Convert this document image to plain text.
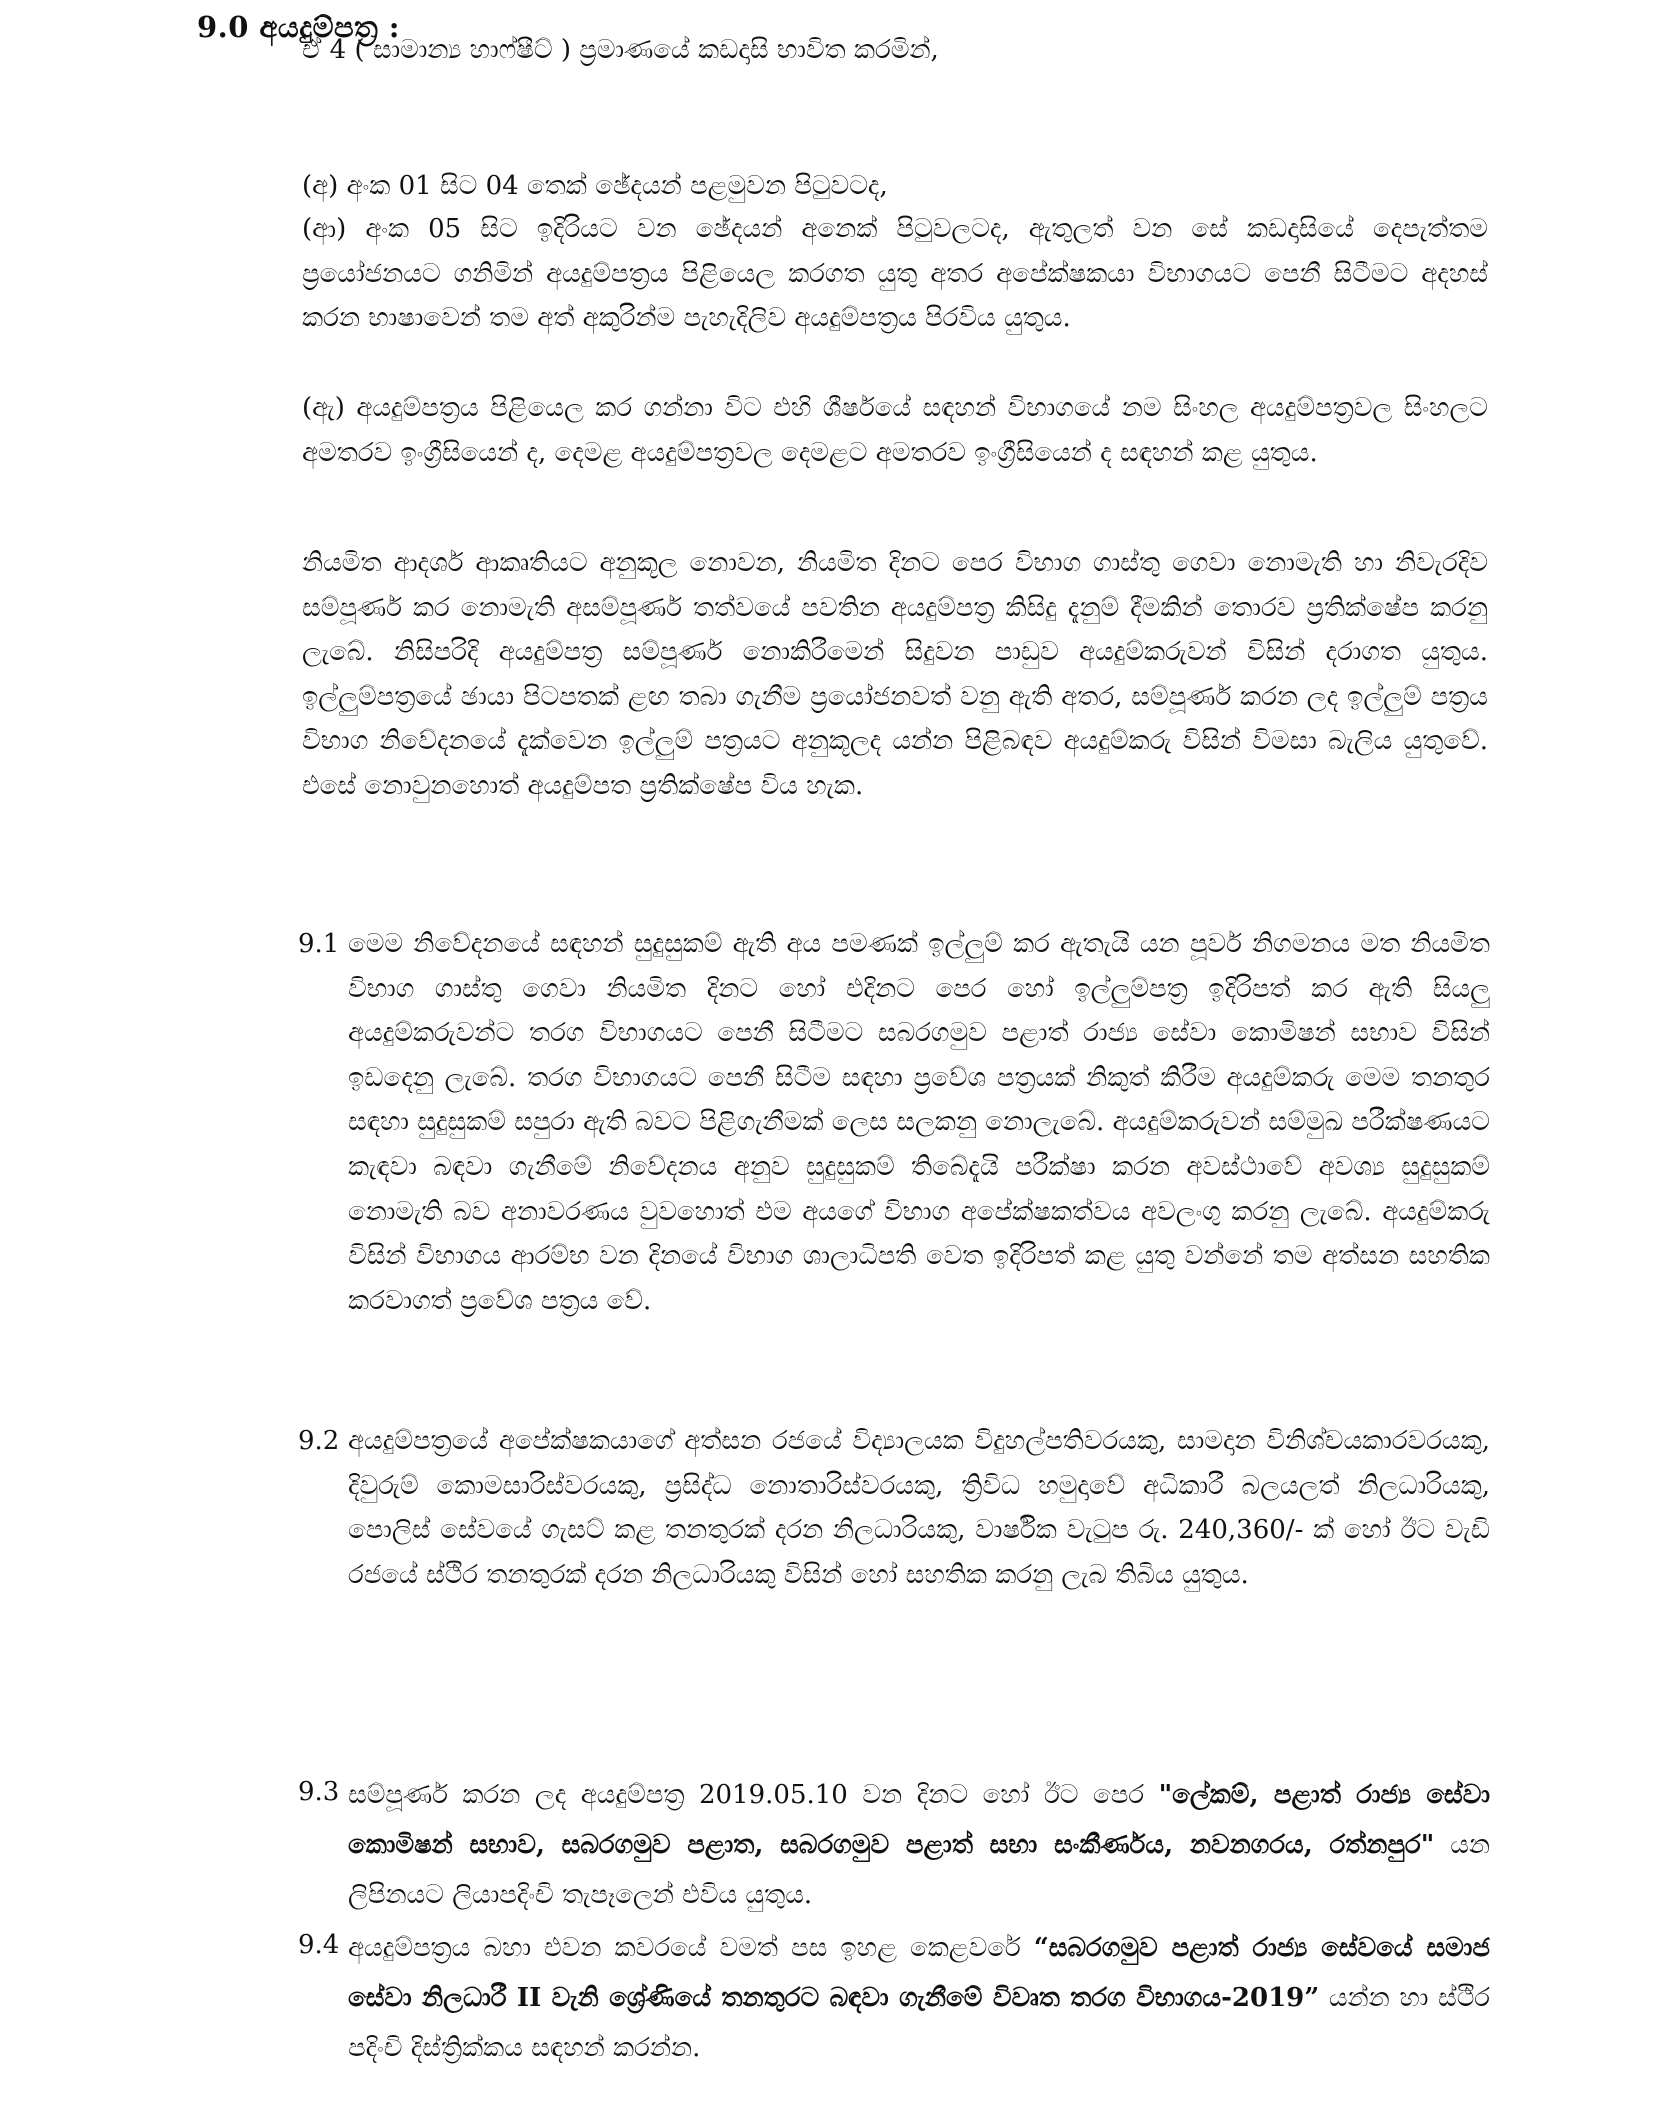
9.0 අයදුම්පත්‍ර :

ඒ 4 ( සාමාන්‍ය හාෆ්ෂීට් ) ප්‍රමාණයේ කඩදාසි භාවිත කරමින්,

(අ) අංක 01 සිට 04 තෙක් ඡේදයන් පළමුවන පිටුවටද,

(ආ) අංක 05 සිට ඉදිරියට වන ඡේදයන් අනෙක් පිටුවලටද, ඇතුලත් වන සේ කඩදාසියේ දෙපැත්තම ප්‍රයෝජනයට ගනිමින් අයදුම්පත්‍රය පිළියෙල කරගත යුතු අතර අපේක්ෂකයා විභාගයට පෙනී සිටීමට අදහස් කරන භාෂාවෙන් තම අත් අකුරින්ම පැහැදිලිව අයදුම්පත්‍රය පිරවිය යුතුය.

(ඇ) අයදුම්පත්‍රය පිළියෙල කර ගන්නා විට එහි ශීර්ෂයේ සඳහන් විභාගයේ නම සිංහල අයදුම්පත්‍රවල සිංහලට අමතරව ඉංග්‍රීසියෙන් ද, දෙමළ අයදුම්පත්‍රවල දෙමළට අමතරව ඉංග්‍රීසියෙන් ද සඳහන් කළ යුතුය.

නියමිත ආදර්ශ ආකෘතියට අනුකූල නොවන, නියමිත දිනට පෙර විභාග ගාස්තු ගෙවා නොමැති හා නිවැරදිව සම්පූර්ණ කර නොමැති අසම්පූර්ණ තත්වයේ පවතින අයදුම්පත්‍ර කිසිදු දැනුම් දීමකින් තොරව ප්‍රතික්ෂේප කරනු ලැබේ. නිසිපරිදි අයදුම්පත්‍ර සම්පූර්ණ නොකිරීමෙන් සිදුවන පාඩුව අයදුම්කරුවන් විසින් දරාගත යුතුය. ඉල්ලුම්පත්‍රයේ ඡායා පිටපතක් ළඟ තබා ගැනීම ප්‍රයෝජනවත් වනු ඇති අතර, සම්පූර්ණ කරන ලද ඉල්ලුම් පත්‍රය විභාග නිවේදනයේ දැක්වෙන ඉල්ලුම් පත්‍රයට අනුකූලද යන්න පිළිබඳව අයදුම්කරු විසින් විමසා බැලිය යුතුවේ. එසේ නොවුනහොත් අයදුම්පත ප්‍රතික්ෂේප විය හැක.

9.1 මෙම නිවේදනයේ සඳහන් සුදුසුකම් ඇති අය පමණක් ඉල්ලුම් කර ඇතැයි යන පූර්ව නිගමනය මත නියමිත විභාග ගාස්තු ගෙවා නියමිත දිනට හෝ එදිනට පෙර හෝ ඉල්ලුම්පත්‍ර ඉදිරිපත් කර ඇති සියලු අයදුම්කරුවන්ට තරග විභාගයට පෙනී සිටීමට සබරගමුව පළාත් රාජ්‍ය සේවා කොමිෂන් සභාව විසින් ඉඩදෙනු ලැබේ. තරග විභාගයට පෙනී සිටීම සඳහා ප්‍රවේශ පත්‍රයක් නිකුත් කිරීම අයදුම්කරු මෙම තනතුර සඳහා සුදුසුකම් සපුරා ඇති බවට පිළිගැනීමක් ලෙස සලකනු නොලැබේ. අයදුම්කරුවන් සම්මුඛ පරීක්ෂණයට කැඳවා බඳවා ගැනීමේ නිවේදනය අනුව සුදුසුකම් තිබේදැයි පරීක්ෂා කරන අවස්ථාවේ අවශ්‍ය සුදුසුකම් නොමැති බව අනාවරණය වුවහොත් එම අයගේ විභාග අපේක්ෂකත්වය අවලංගු කරනු ලැබේ. අයදුම්කරු විසින් විභාගය ආරම්භ වන දිනයේ විභාග ශාලාධිපති වෙත ඉදිරිපත් කළ යුතු වන්නේ තම අත්සන සහතික කරවාගත් ප්‍රවේශ පත්‍රය වේ.
9.2 අයදුම්පත්‍රයේ අපේක්ෂකයාගේ අත්සන රජයේ විද්‍යාලයක විදුහල්පතිවරයකු, සාමදාන විනිශ්චයකාරවරයකු, දිවුරුම් කොමසාරිස්වරයකු, ප්‍රසිද්ධ නොතාරිස්වරයකු, ත්‍රිවිධ හමුදාවේ අධිකාරී බලයලත් නිලධාරියකු, පොලිස් සේවයේ ගැසට් කළ තනතුරක් දරන නිලධාරියකු, වාර්ෂික වැටුප රු. 240,360/- ක් හෝ ඊට වැඩි රජයේ ස්ථිර තනතුරක් දරන නිලධාරියකු විසින් හෝ සහතික කරනු ලැබ තිබිය යුතුය.
9.3 සම්පූර්ණ කරන ලද අයදුම්පත්‍ර 2019.05.10 වන දිනට හෝ ඊට පෙර "ලේකම්, පළාත් රාජ්‍ය සේවා කොමිෂන් සභාව, සබරගමුව පළාත, සබරගමුව පළාත් සභා සංකීර්ණය, නවනගරය, රත්නපුර" යන ලිපිනයට ලියාපදිංචි තැපෑලෙන් එවිය යුතුය.
9.4 අයදුම්පත්‍රය බහා එවන කවරයේ වමත් පස ඉහළ කෙළවරේ “සබරගමුව පළාත් රාජ්‍ය සේවයේ සමාජ සේවා නිලධාරී II වැනි ශ්‍රේණියේ තනතුරට බඳවා ගැනීමේ විවෘත තරග විභාගය-2019” යන්න හා ස්ථිර පදිංචි දිස්ත්‍රික්කය සඳහන් කරන්න.
